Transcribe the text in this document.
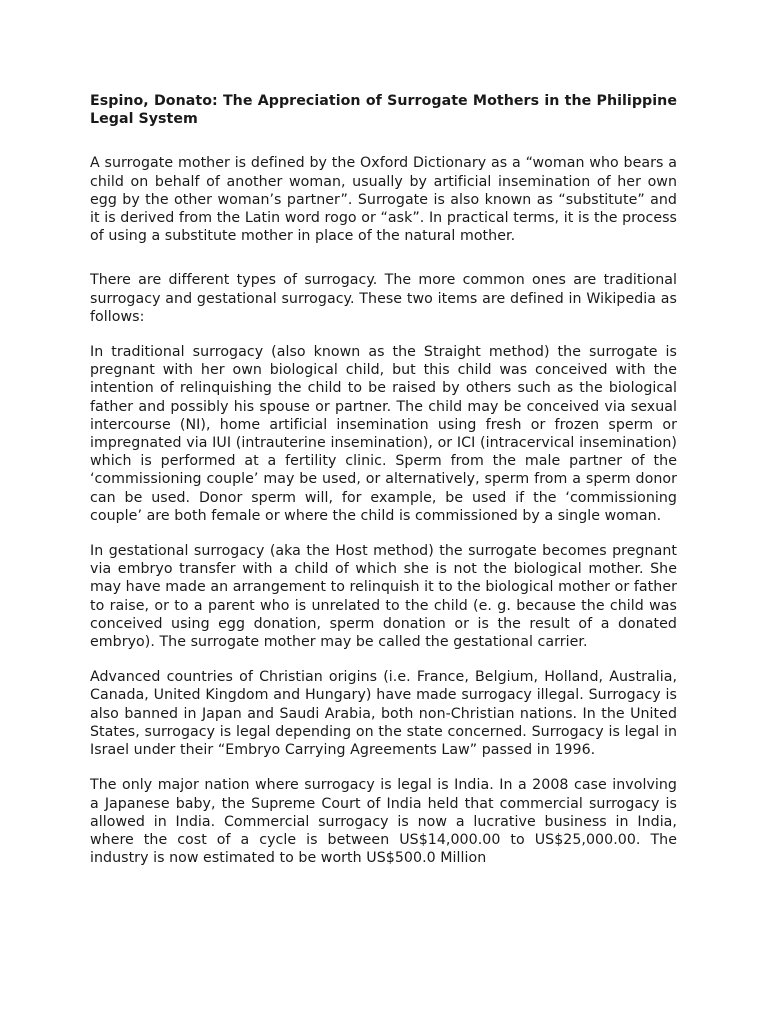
Espino, Donato: The Appreciation of Surrogate Mothers in the Philippine Legal System

A surrogate mother is defined by the Oxford Dictionary as a “woman who bears a child on behalf of another woman, usually by artificial insemination of her own egg by the other woman’s partner”. Surrogate is also known as “substitute” and it is derived from the Latin word rogo or “ask”. In practical terms, it is the process of using a substitute mother in place of the natural mother.

There are different types of surrogacy. The more common ones are traditional surrogacy and gestational surrogacy. These two items are defined in Wikipedia as follows:

In traditional surrogacy (also known as the Straight method) the surrogate is pregnant with her own biological child, but this child was conceived with the intention of relinquishing the child to be raised by others such as the biological father and possibly his spouse or partner. The child may be conceived via sexual intercourse (NI), home artificial insemination using fresh or frozen sperm or impregnated via IUI (intrauterine insemination), or ICI (intracervical insemination) which is performed at a fertility clinic. Sperm from the male partner of the ‘commissioning couple’ may be used, or alternatively, sperm from a sperm donor can be used. Donor sperm will, for example, be used if the ‘commissioning couple’ are both female or where the child is commissioned by a single woman.

In gestational surrogacy (aka the Host method) the surrogate becomes pregnant via embryo transfer with a child of which she is not the biological mother. She may have made an arrangement to relinquish it to the biological mother or father to raise, or to a parent who is unrelated to the child (e. g. because the child was conceived using egg donation, sperm donation or is the result of a donated embryo). The surrogate mother may be called the gestational carrier.

Advanced countries of Christian origins (i.e. France, Belgium, Holland, Australia, Canada, United Kingdom and Hungary) have made surrogacy illegal. Surrogacy is also banned in Japan and Saudi Arabia, both non-Christian nations. In the United States, surrogacy is legal depending on the state concerned. Surrogacy is legal in Israel under their “Embryo Carrying Agreements Law” passed in 1996.

The only major nation where surrogacy is legal is India. In a 2008 case involving a Japanese baby, the Supreme Court of India held that commercial surrogacy is allowed in India. Commercial surrogacy is now a lucrative business in India, where the cost of a cycle is between US$14,000.00 to US$25,000.00. The industry is now estimated to be worth US$500.0 Million
